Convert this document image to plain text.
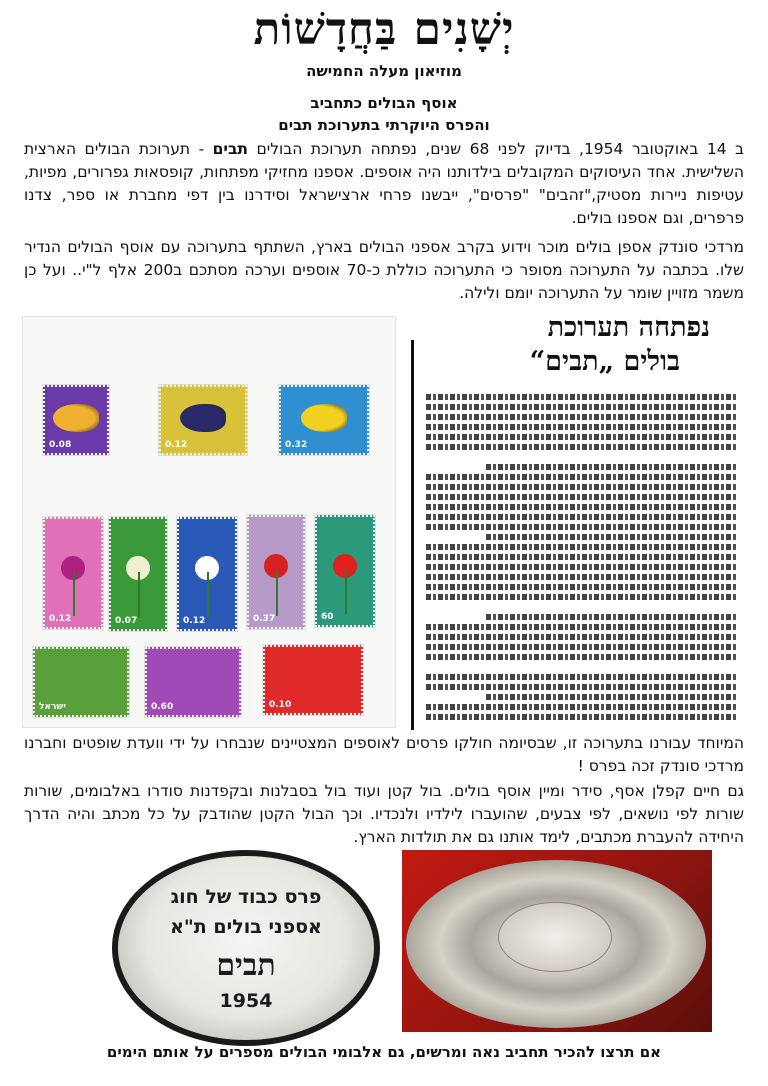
יְשָׁנִים בַּחֲדָשׁוֹת
מוזיאון מעלה החמישה
אוסף הבולים כתחביב
והפרס היוקרתי בתערוכת תבים
ב 14 באוקטובר 1954, בדיוק לפני 68 שנים, נפתחה תערוכת הבולים תבים - תערוכת הבולים הארצית השלישית. אחד העיסוקים המקובלים בילדותנו היה אוספים. אספנו מחזיקי מפתחות, קופסאות גפרורים, מפיות, עטיפות ניירות מסטיק,"זהבים" "פרסים", ייבשנו פרחי ארצישראל וסידרנו בין דפי מחברת או ספר, צדנו פרפרים, וגם אספנו בולים.
מרדכי סונדק אספן בולים מוכר וידוע בקרב אספני הבולים בארץ, השתתף בתערוכה עם אוסף הבולים הנדיר שלו. בכתבה על התערוכה מסופר כי התערוכה כוללת כ-70 אוספים וערכה מסתכם ב200 אלף ל"י.. ועל כן משמר מזויין שומר על התערוכה יומם ולילה.
0.08	0.12	0.32
0.12	0.07	0.12	0.37	60
ישראל	0.60	0.10
נפתחה תערוכת
בולים „תבים“
המיוחד עבורנו בתערוכה זו, שבסיומה חולקו פרסים לאוספים המצטיינים שנבחרו על ידי וועדת שופטים וחברנו מרדכי סונדק זכה בפרס !
גם חיים קפלן אסף, סידר ומיין אוסף בולים. בול קטן ועוד בול בסבלנות ובקפדנות סודרו באלבומים, שורות שורות לפי נושאים, לפי צבעים, שהועברו לילדיו ולנכדיו. וכך הבול הקטן שהודבק על כל מכתב והיה הדרך היחידה להעברת מכתבים, לימד אותנו גם את תולדות הארץ.
פרס כבוד של חוג
אספני בולים ת"א
תבים
1954
אם תרצו להכיר תחביב נאה ומרשים, גם אלבומי הבולים מספרים על אותם הימים
